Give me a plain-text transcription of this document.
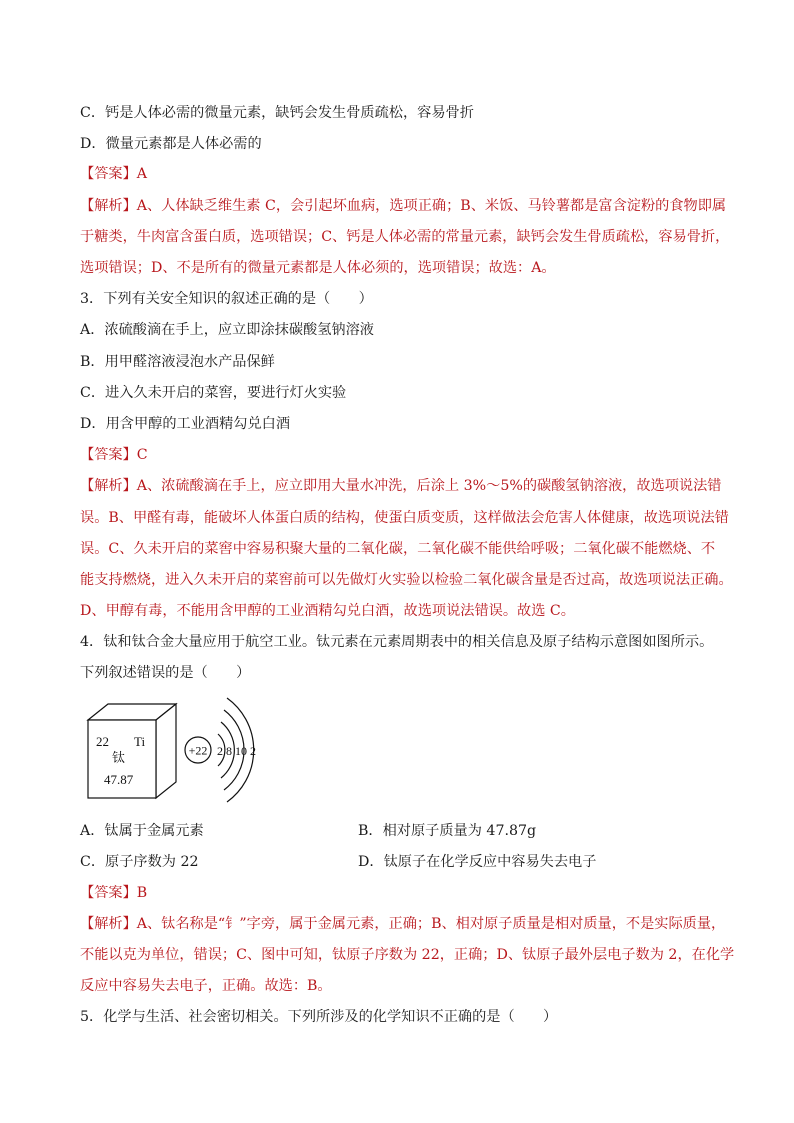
C．钙是人体必需的微量元素，缺钙会发生骨质疏松，容易骨折
D．微量元素都是人体必需的
【答案】A
【解析】A、人体缺乏维生素 C，会引起坏血病，选项正确；B、米饭、马铃薯都是富含淀粉的食物即属
于糖类，牛肉富含蛋白质，选项错误；C、钙是人体必需的常量元素，缺钙会发生骨质疏松，容易骨折，
选项错误；D、不是所有的微量元素都是人体必须的，选项错误；故选：A。
3．下列有关安全知识的叙述正确的是（　　）
A．浓硫酸滴在手上，应立即涂抹碳酸氢钠溶液
B．用甲醛溶液浸泡水产品保鲜
C．进入久未开启的菜窖，要进行灯火实验
D．用含甲醇的工业酒精勾兑白酒
【答案】C
【解析】A、浓硫酸滴在手上，应立即用大量水冲洗，后涂上 3%～5%的碳酸氢钠溶液，故选项说法错
误。B、甲醛有毒，能破坏人体蛋白质的结构，使蛋白质变质，这样做法会危害人体健康，故选项说法错
误。C、久未开启的菜窖中容易积聚大量的二氧化碳，二氧化碳不能供给呼吸；二氧化碳不能燃烧、不
能支持燃烧，进入久未开启的菜窖前可以先做灯火实验以检验二氧化碳含量是否过高，故选项说法正确。
D、甲醇有毒，不能用含甲醇的工业酒精勾兑白酒，故选项说法错误。故选 C。
4．钛和钛合金大量应用于航空工业。钛元素在元素周期表中的相关信息及原子结构示意图如图所示。
下列叙述错误的是（　　）
22 Ti
钛
47.87
+22 2 8 10 2
A．钛属于金属元素	B．相对原子质量为 47.87g
C．原子序数为 22	D．钛原子在化学反应中容易失去电子
【答案】B
【解析】A、钛名称是“钅”字旁，属于金属元素，正确；B、相对原子质量是相对质量，不是实际质量，
不能以克为单位，错误；C、图中可知，钛原子序数为 22，正确；D、钛原子最外层电子数为 2，在化学
反应中容易失去电子，正确。故选：B。
5．化学与生活、社会密切相关。下列所涉及的化学知识不正确的是（　　）
